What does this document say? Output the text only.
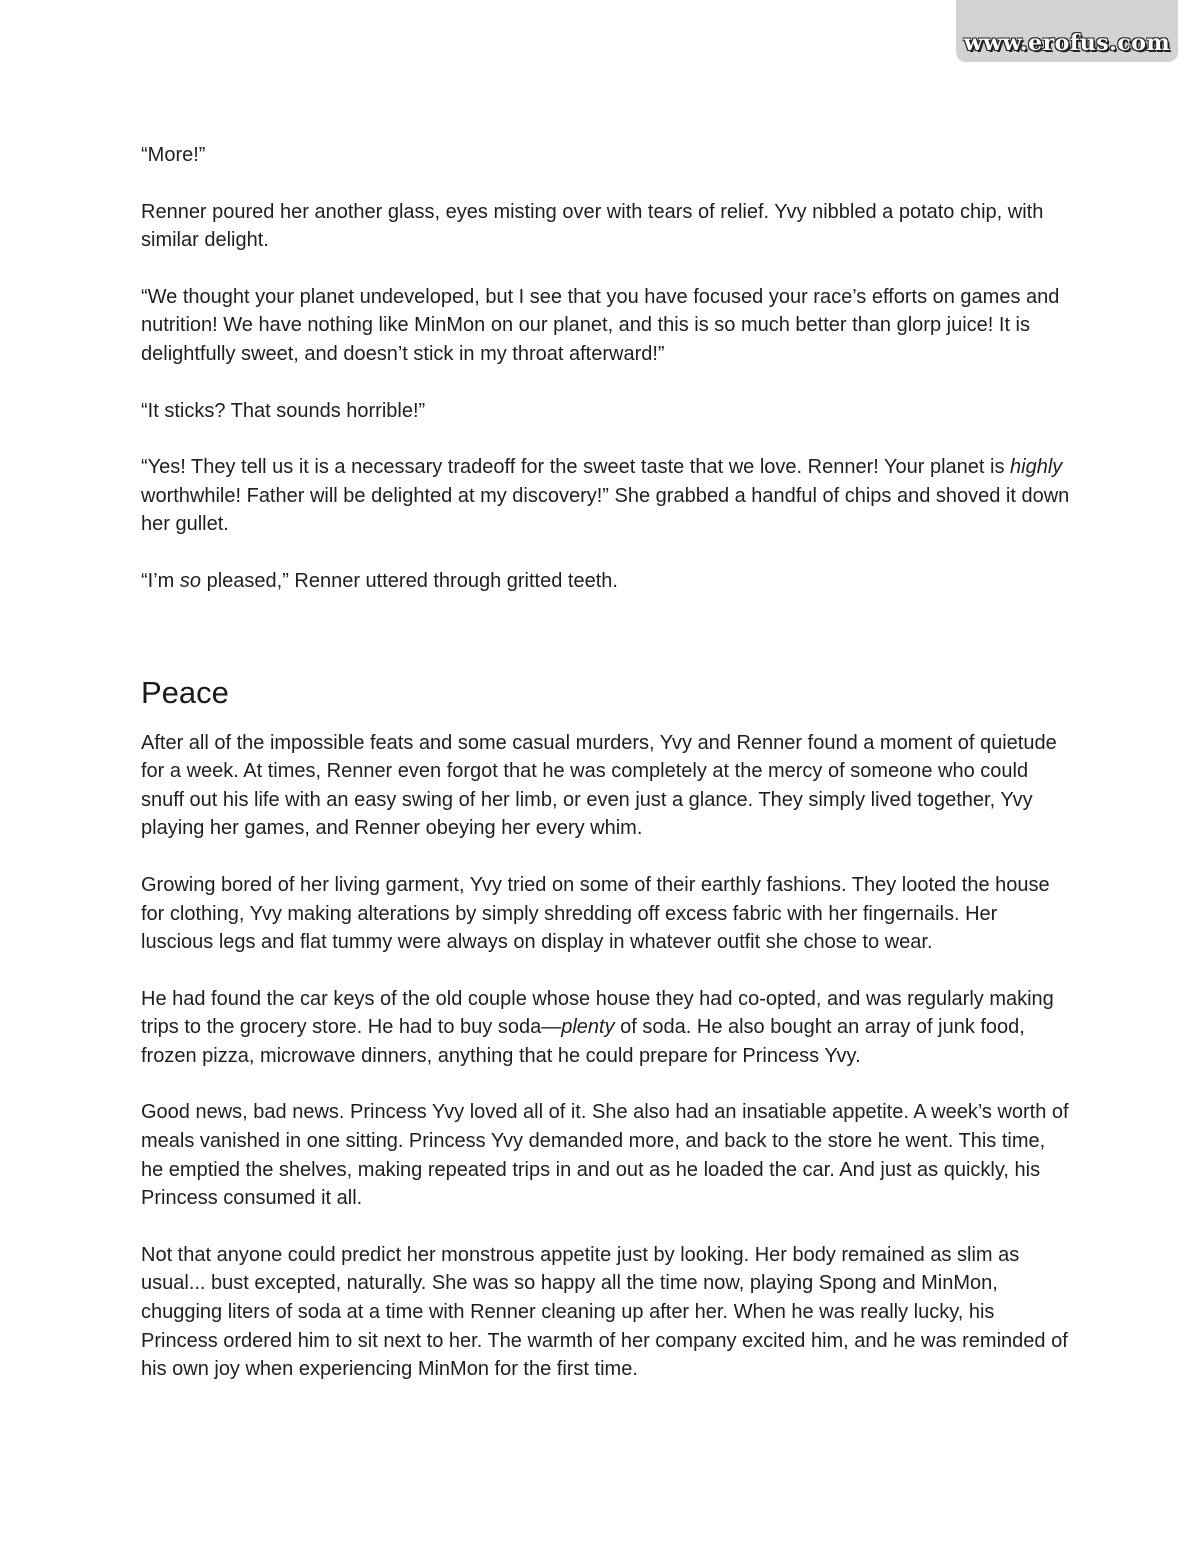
www.erofus.com

“More!”

Renner poured her another glass, eyes misting over with tears of relief. Yvy nibbled a potato chip, with similar delight.

“We thought your planet undeveloped, but I see that you have focused your race’s efforts on games and nutrition! We have nothing like MinMon on our planet, and this is so much better than glorp juice! It is delightfully sweet, and doesn’t stick in my throat afterward!”

“It sticks? That sounds horrible!”

“Yes! They tell us it is a necessary tradeoff for the sweet taste that we love. Renner! Your planet is highly worthwhile! Father will be delighted at my discovery!” She grabbed a handful of chips and shoved it down her gullet.

“I’m so pleased,” Renner uttered through gritted teeth.

Peace

After all of the impossible feats and some casual murders, Yvy and Renner found a moment of quietude for a week. At times, Renner even forgot that he was completely at the mercy of someone who could snuff out his life with an easy swing of her limb, or even just a glance. They simply lived together, Yvy playing her games, and Renner obeying her every whim.

Growing bored of her living garment, Yvy tried on some of their earthly fashions. They looted the house for clothing, Yvy making alterations by simply shredding off excess fabric with her fingernails. Her luscious legs and flat tummy were always on display in whatever outfit she chose to wear.

He had found the car keys of the old couple whose house they had co-opted, and was regularly making trips to the grocery store. He had to buy soda—plenty of soda. He also bought an array of junk food, frozen pizza, microwave dinners, anything that he could prepare for Princess Yvy.

Good news, bad news. Princess Yvy loved all of it. She also had an insatiable appetite. A week’s worth of meals vanished in one sitting. Princess Yvy demanded more, and back to the store he went. This time, he emptied the shelves, making repeated trips in and out as he loaded the car. And just as quickly, his Princess consumed it all.

Not that anyone could predict her monstrous appetite just by looking. Her body remained as slim as usual... bust excepted, naturally. She was so happy all the time now, playing Spong and MinMon, chugging liters of soda at a time with Renner cleaning up after her. When he was really lucky, his Princess ordered him to sit next to her. The warmth of her company excited him, and he was reminded of his own joy when experiencing MinMon for the first time.
